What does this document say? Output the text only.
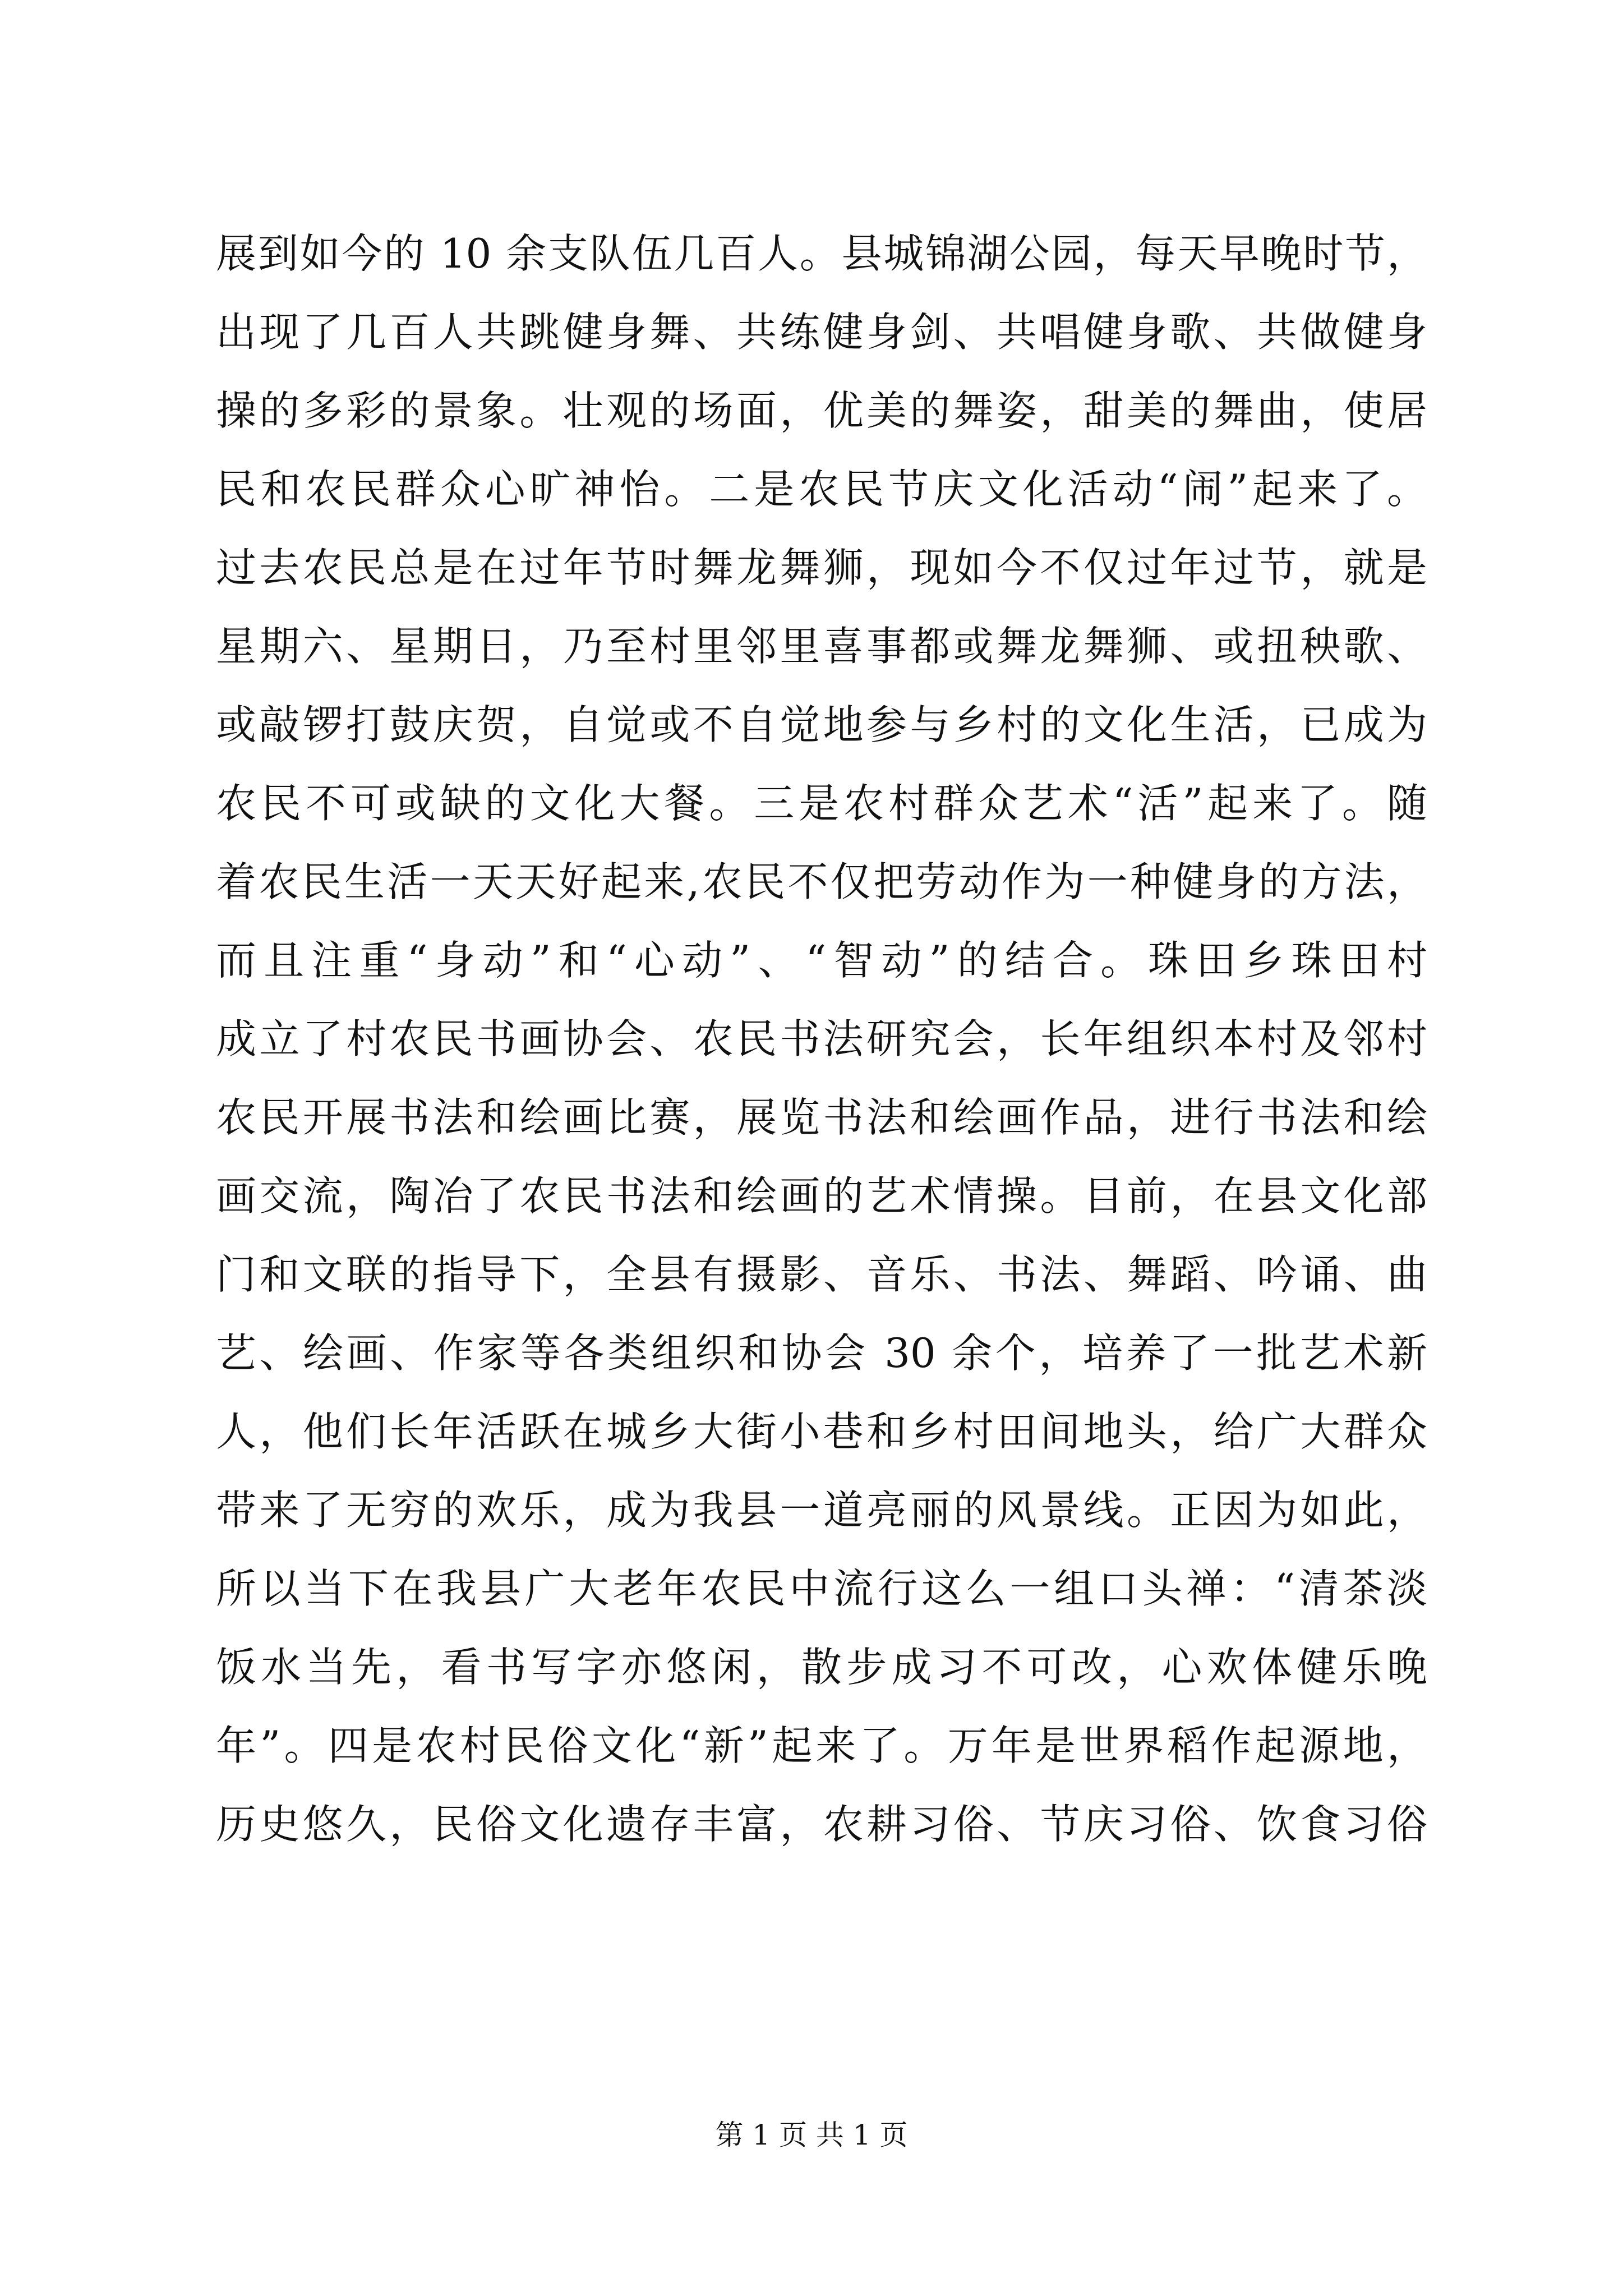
展到如今的 10 余支队伍几百人。县城锦湖公园，每天早晚时节，
出现了几百人共跳健身舞、共练健身剑、共唱健身歌、共做健身
操的多彩的景象。壮观的场面，优美的舞姿，甜美的舞曲，使居
民和农民群众心旷神怡。二是农民节庆文化活动“闹”起来了。
过去农民总是在过年节时舞龙舞狮，现如今不仅过年过节，就是
星期六、星期日，乃至村里邻里喜事都或舞龙舞狮、或扭秧歌、
或敲锣打鼓庆贺，自觉或不自觉地参与乡村的文化生活，已成为
农民不可或缺的文化大餐。三是农村群众艺术“活”起来了。随
着农民生活一天天好起来,农民不仅把劳动作为一种健身的方法，
而且注重“身动”和“心动”、“智动”的结合。珠田乡珠田村
成立了村农民书画协会、农民书法研究会，长年组织本村及邻村
农民开展书法和绘画比赛，展览书法和绘画作品，进行书法和绘
画交流，陶冶了农民书法和绘画的艺术情操。目前，在县文化部
门和文联的指导下，全县有摄影、音乐、书法、舞蹈、吟诵、曲
艺、绘画、作家等各类组织和协会 30 余个，培养了一批艺术新
人，他们长年活跃在城乡大街小巷和乡村田间地头，给广大群众
带来了无穷的欢乐，成为我县一道亮丽的风景线。正因为如此，
所以当下在我县广大老年农民中流行这么一组口头禅：“清茶淡
饭水当先，看书写字亦悠闲，散步成习不可改，心欢体健乐晚
年”。四是农村民俗文化“新”起来了。万年是世界稻作起源地，
历史悠久，民俗文化遗存丰富，农耕习俗、节庆习俗、饮食习俗
第 1 页 共 1 页
